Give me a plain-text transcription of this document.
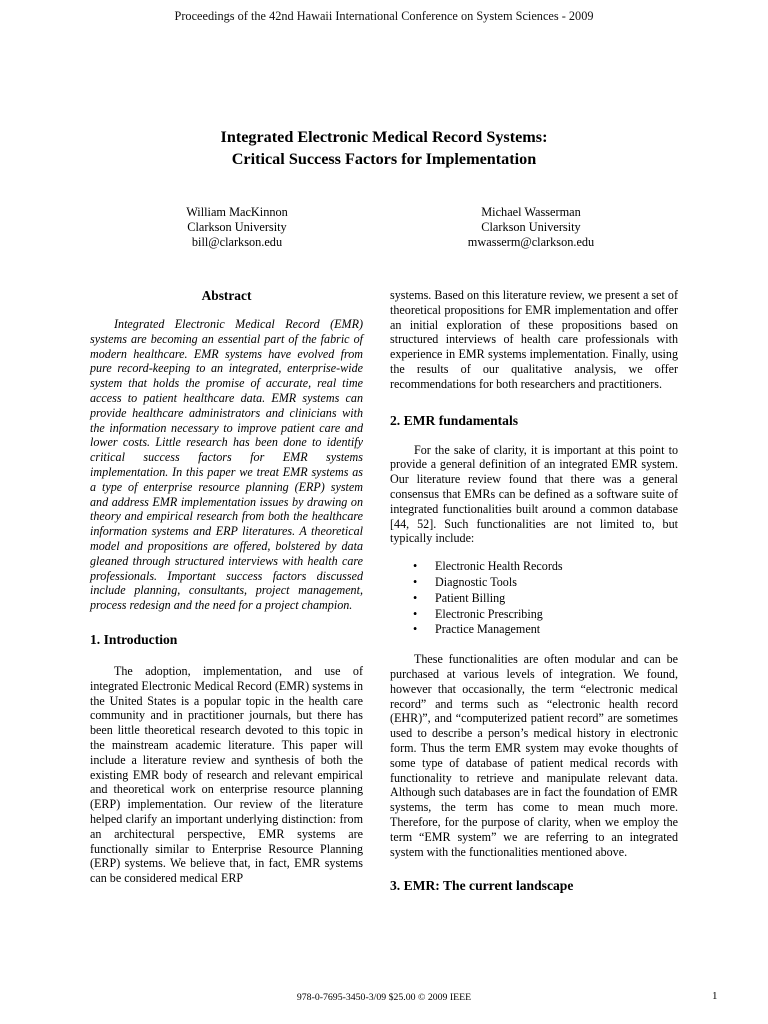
Proceedings of the 42nd Hawaii International Conference on System Sciences - 2009
Integrated Electronic Medical Record Systems:
Critical Success Factors for Implementation
William MacKinnon
Clarkson University
bill@clarkson.edu
Michael Wasserman
Clarkson University
mwasserm@clarkson.edu
Abstract

Integrated Electronic Medical Record (EMR) systems are becoming an essential part of the fabric of modern healthcare. EMR systems have evolved from pure record-keeping to an integrated, enterprise-wide system that holds the promise of accurate, real time access to patient healthcare data. EMR systems can provide healthcare administrators and clinicians with the information necessary to improve patient care and lower costs. Little research has been done to identify critical success factors for EMR systems implementation. In this paper we treat EMR systems as a type of enterprise resource planning (ERP) system and address EMR implementation issues by drawing on theory and empirical research from both the healthcare information systems and ERP literatures. A theoretical model and propositions are offered, bolstered by data gleaned through structured interviews with health care professionals. Important success factors discussed include planning, consultants, project management, process redesign and the need for a project champion.

1. Introduction

The adoption, implementation, and use of integrated Electronic Medical Record (EMR) systems in the United States is a popular topic in the health care community and in practitioner journals, but there has been little theoretical research devoted to this topic in the mainstream academic literature. This paper will include a literature review and synthesis of both the existing EMR body of research and relevant empirical and theoretical work on enterprise resource planning (ERP) implementation. Our review of the literature helped clarify an important underlying distinction: from an architectural perspective, EMR systems are functionally similar to Enterprise Resource Planning (ERP) systems. We believe that, in fact, EMR systems can be considered medical ERP

systems. Based on this literature review, we present a set of theoretical propositions for EMR implementation and offer an initial exploration of these propositions based on structured interviews of health care professionals with experience in EMR systems implementation. Finally, using the results of our qualitative analysis, we offer recommendations for both researchers and practitioners.

2. EMR fundamentals

For the sake of clarity, it is important at this point to provide a general definition of an integrated EMR system. Our literature review found that there was a general consensus that EMRs can be defined as a software suite of integrated functionalities built around a common database [44, 52]. Such functionalities are not limited to, but typically include:

• Electronic Health Records
• Diagnostic Tools
• Patient Billing
• Electronic Prescribing
• Practice Management

These functionalities are often modular and can be purchased at various levels of integration. We found, however that occasionally, the term “electronic medical record” and terms such as “electronic health record (EHR)”, and “computerized patient record” are sometimes used to describe a person’s medical history in electronic form. Thus the term EMR system may evoke thoughts of some type of database of patient medical records with functionality to retrieve and manipulate relevant data. Although such databases are in fact the foundation of EMR systems, the term has come to mean much more. Therefore, for the purpose of clarity, when we employ the term “EMR system” we are referring to an integrated system with the functionalities mentioned above.

3. EMR: The current landscape
978-0-7695-3450-3/09 $25.00 © 2009 IEEE	1
